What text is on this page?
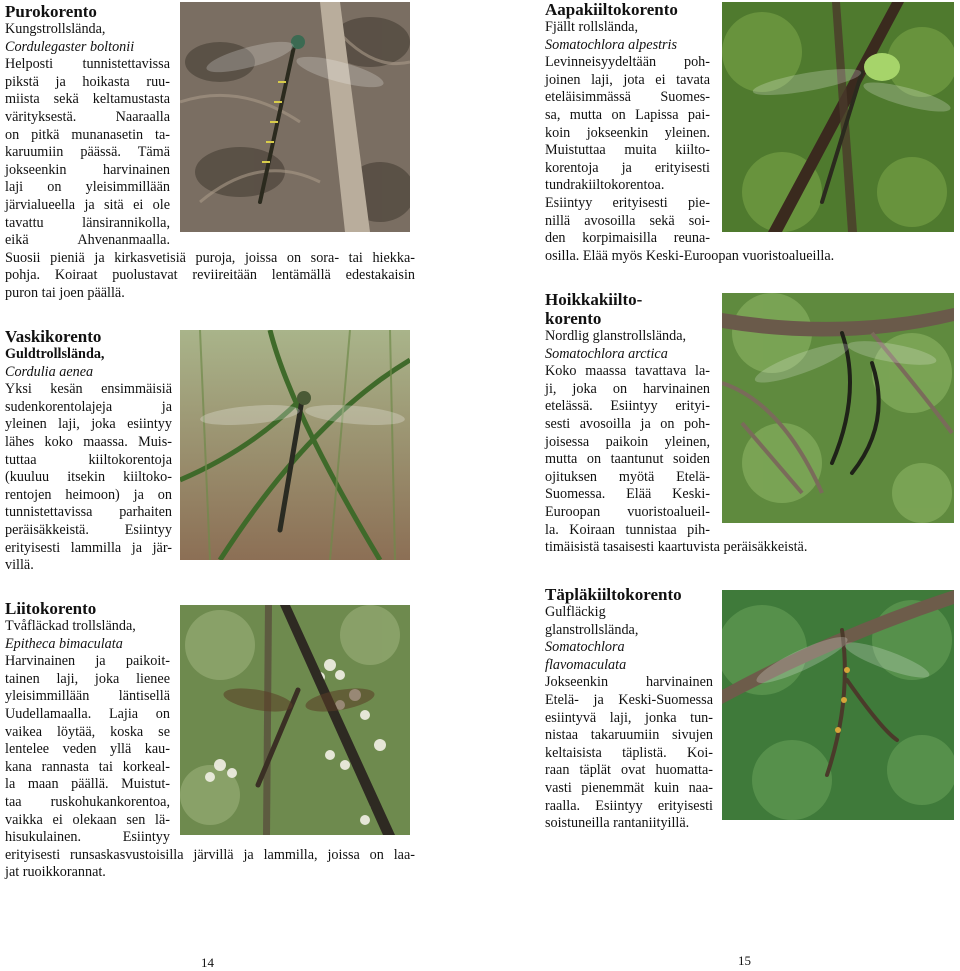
Purokorento

Kungstrollslända,

Cordulegaster boltonii

Helposti tunnistettavissa

pikstä ja hoikasta ruu-

miista sekä keltamustasta

värityksestä. Naaraalla

on pitkä munanasetin ta-

karuumiin päässä. Tämä

jokseenkin harvinainen

laji on yleisimmillään

järvialueella ja sitä ei ole

tavattu länsirannikolla,

eikä Ahvenanmaalla.

Suosii pieniä ja kirkasvetisiä puroja, joissa on sora- tai hiekka-

pohja. Koiraat puolustavat reviireitään lentämällä edestakaisin

puron tai joen päällä.

Vaskikorento

Guldtrollslända,

Cordulia aenea

Yksi kesän ensimmäisiä

sudenkorentolajeja ja

yleinen laji, joka esiintyy

lähes koko maassa. Muis-

tuttaa kiiltokorentoja

(kuuluu itsekin kiiltoko-

rentojen heimoon) ja on

tunnistettavissa parhaiten

peräisäkkeistä. Esiintyy

erityisesti lammilla ja jär-

villä.

Liitokorento

Tvåfläckad trollslända,

Epitheca bimaculata

Harvinainen ja paikoit-

tainen laji, joka lienee

yleisimmillään läntisellä

Uudellamaalla. Lajia on

vaikea löytää, koska se

lentelee veden yllä kau-

kana rannasta tai korkeal-

la maan päällä. Muistut-

taa ruskohukankorentoa,

vaikka ei olekaan sen lä-

hisukulainen. Esiintyy

erityisesti runsaskasvustoisilla järvillä ja lammilla, joissa on laa-

jat ruoikkorannat.

14

Aapakiiltokorento

Fjällt rollslända,

Somatochlora alpestris

Levinneisyydeltään poh-

joinen laji, jota ei tavata

eteläisimmässä Suomes-

sa, mutta on Lapissa pai-

koin jokseenkin yleinen.

Muistuttaa muita kiilto-

korentoja ja erityisesti

tundrakiiltokorentoa.

Esiintyy erityisesti pie-

nillä avosoilla sekä soi-

den korpimaisilla reuna-

osilla. Elää myös Keski-Euroopan vuoristoalueilla.

Hoikkakiilto-

korento

Nordlig glanstrollslända,

Somatochlora arctica

Koko maassa tavattava la-

ji, joka on harvinainen

etelässä. Esiintyy erityi-

sesti avosoilla ja on poh-

joisessa paikoin yleinen,

mutta on taantunut soiden

ojituksen myötä Etelä-

Suomessa. Elää Keski-

Euroopan vuoristoalueil-

la. Koiraan tunnistaa pih-

timäisistä tasaisesti kaartuvista peräisäkkeistä.

Täpläkiiltokorento

Gulfläckig

glanstrollslända,

Somatochlora

flavomaculata

Jokseenkin harvinainen

Etelä- ja Keski-Suomessa

esiintyvä laji, jonka tun-

nistaa takaruumiin sivujen

keltaisista täplistä. Koi-

raan täplät ovat huomatta-

vasti pienemmät kuin naa-

raalla. Esiintyy erityisesti

soistuneilla rantaniityillä.

15
